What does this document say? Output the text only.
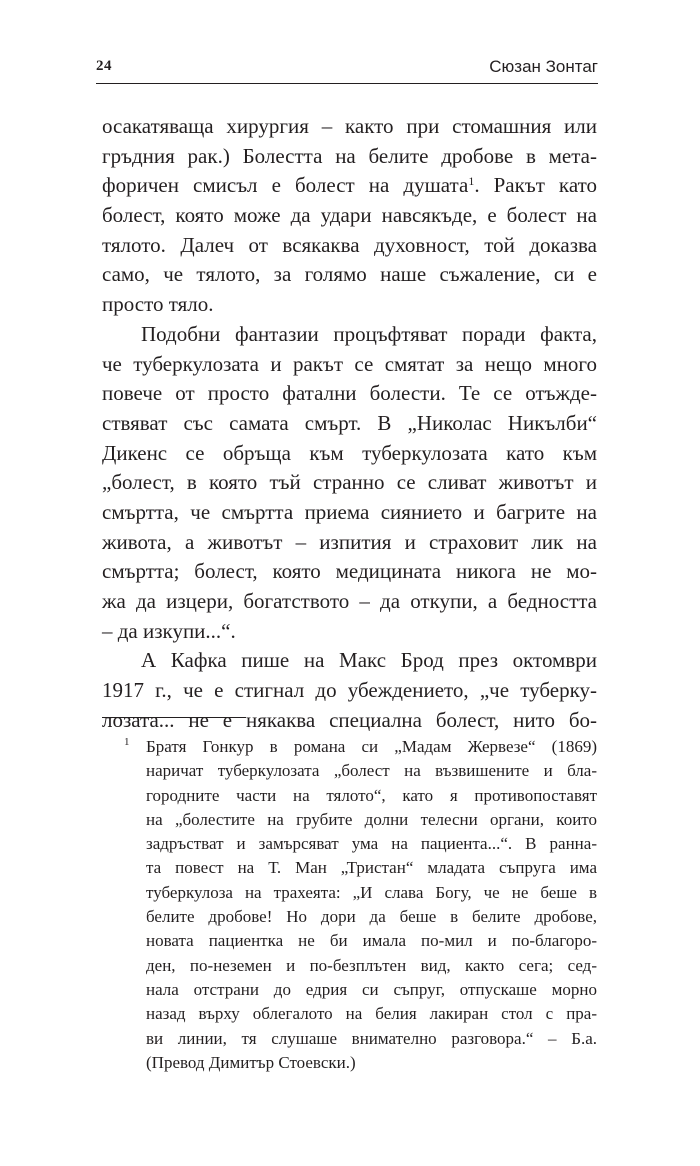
24	Сюзан Зонтаг
осакатяваща хирургия – както при стомашния или
гръдния рак.) Болестта на белите дробове в мета-
форичен смисъл е болест на душата$^1$. Ракът като
болест, която може да удари навсякъде, е болест на
тялото. Далеч от всякаква духовност, той доказва
само, че тялото, за голямо наше съжаление, си е
просто тяло.
Подобни фантазии процъфтяват поради факта,
че туберкулозата и ракът се смятат за нещо много
повече от просто фатални болести. Те се отъжде-
ствяват със самата смърт. В „Николас Никълби“
Дикенс се обръща към туберкулозата като към
„болест, в която тъй странно се сливат животът и
смъртта, че смъртта приема сиянието и багрите на
живота, а животът – изпития и страховит лик на
смъртта; болест, която медицината никога не мо-
жа да изцери, богатството – да откупи, а бедността
– да изкупи...“.
А Кафка пише на Макс Брод през октомври
1917 г., че е стигнал до убеждението, „че туберку-
лозата... не е някаква специална болест, нито бо-
1 Братя Гонкур в романа си „Мадам Жервезе“ (1869)
наричат туберкулозата „болест на възвишените и бла-
городните части на тялото“, като я противопоставят
на „болестите на грубите долни телесни органи, които
задръстват и замърсяват ума на пациента...“. В ранна-
та повест на Т. Ман „Тристан“ младата съпруга има
туберкулоза на трахеята: „И слава Богу, че не беше в
белите дробове! Но дори да беше в белите дробове,
новата пациентка не би имала по-мил и по-благоро-
ден, по-неземен и по-безплътен вид, както сега; сед-
нала отстрани до едрия си съпруг, отпускаше морно
назад върху облегалото на белия лакиран стол с пра-
ви линии, тя слушаше внимателно разговора.“ – Б.а.
(Превод Димитър Стоевски.)
